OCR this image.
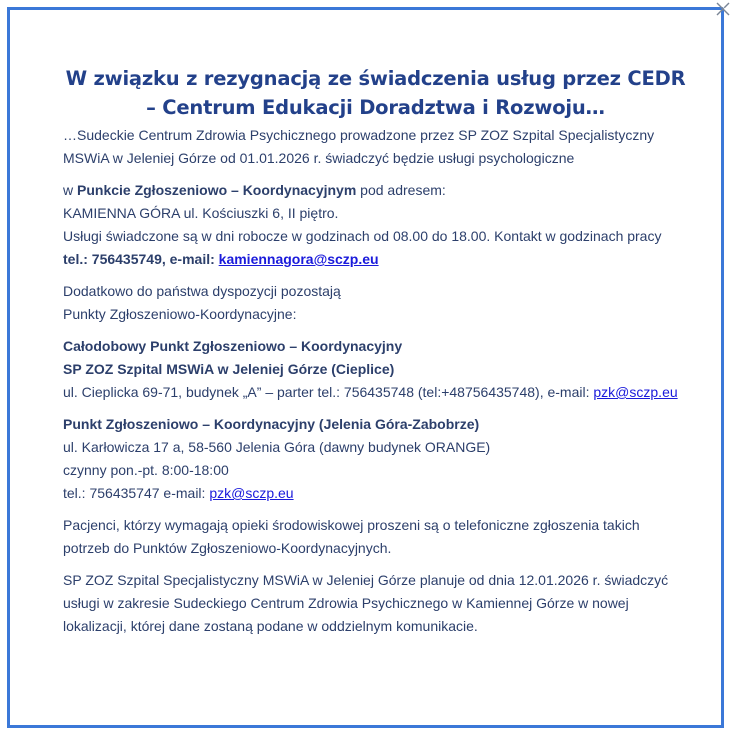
W związku z rezygnacją ze świadczenia usług przez CEDR
– Centrum Edukacji Doradztwa i Rozwoju…

…Sudeckie Centrum Zdrowia Psychicznego prowadzone przez SP ZOZ Szpital Specjalistyczny MSWiA w Jeleniej Górze od 01.01.2026 r. świadczyć będzie usługi psychologiczne

w Punkcie Zgłoszeniowo – Koordynacyjnym pod adresem:
KAMIENNA GÓRA ul. Kościuszki 6, II piętro.
Usługi świadczone są w dni robocze w godzinach od 08.00 do 18.00. Kontakt w godzinach pracy tel.: 756435749, e-mail: kamiennagora@sczp.eu

Dodatkowo do państwa dyspozycji pozostają
Punkty Zgłoszeniowo-Koordynacyjne:

Całodobowy Punkt Zgłoszeniowo – Koordynacyjny
SP ZOZ Szpital MSWiA w Jeleniej Górze (Cieplice)
ul. Cieplicka 69-71, budynek „A” – parter tel.: 756435748 (tel:+48756435748), e-mail: pzk@sczp.eu

Punkt Zgłoszeniowo – Koordynacyjny (Jelenia Góra-Zabobrze)
ul. Karłowicza 17 a, 58-560 Jelenia Góra (dawny budynek ORANGE)
czynny pon.-pt. 8:00-18:00
tel.: 756435747 e-mail: pzk@sczp.eu

Pacjenci, którzy wymagają opieki środowiskowej proszeni są o telefoniczne zgłoszenia takich potrzeb do Punktów Zgłoszeniowo-Koordynacyjnych.

SP ZOZ Szpital Specjalistyczny MSWiA w Jeleniej Górze planuje od dnia 12.01.2026 r. świadczyć usługi w zakresie Sudeckiego Centrum Zdrowia Psychicznego w Kamiennej Górze w nowej lokalizacji, której dane zostaną podane w oddzielnym komunikacie.
